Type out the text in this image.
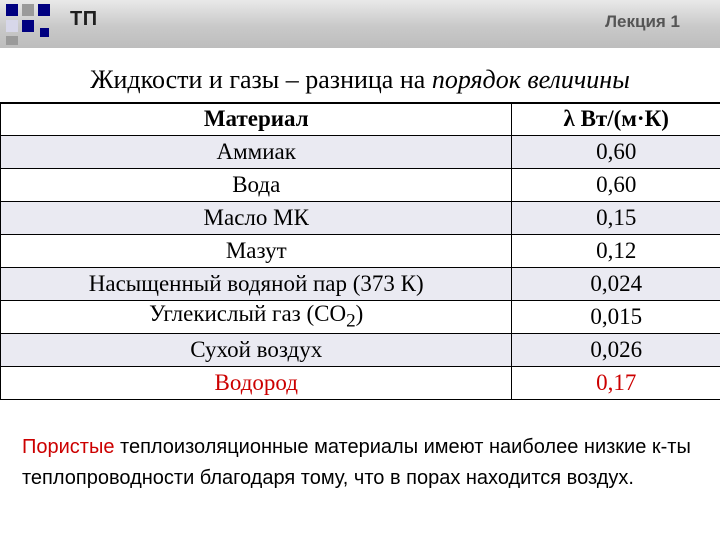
ТП	Лекция 1
Жидкости и газы – разница на порядок величины
Материал	λ Вт/(м·К)
Аммиак	0,60
Вода	0,60
Масло МК	0,15
Мазут	0,12
Насыщенный водяной пар (373 К)	0,024
Углекислый газ $(СО_2)$	0,015
Сухой воздух	0,026
Водород	0,17
Пористые теплоизоляционные материалы имеют наиболее низкие к-ты теплопроводности благодаря тому, что в порах находится воздух.
